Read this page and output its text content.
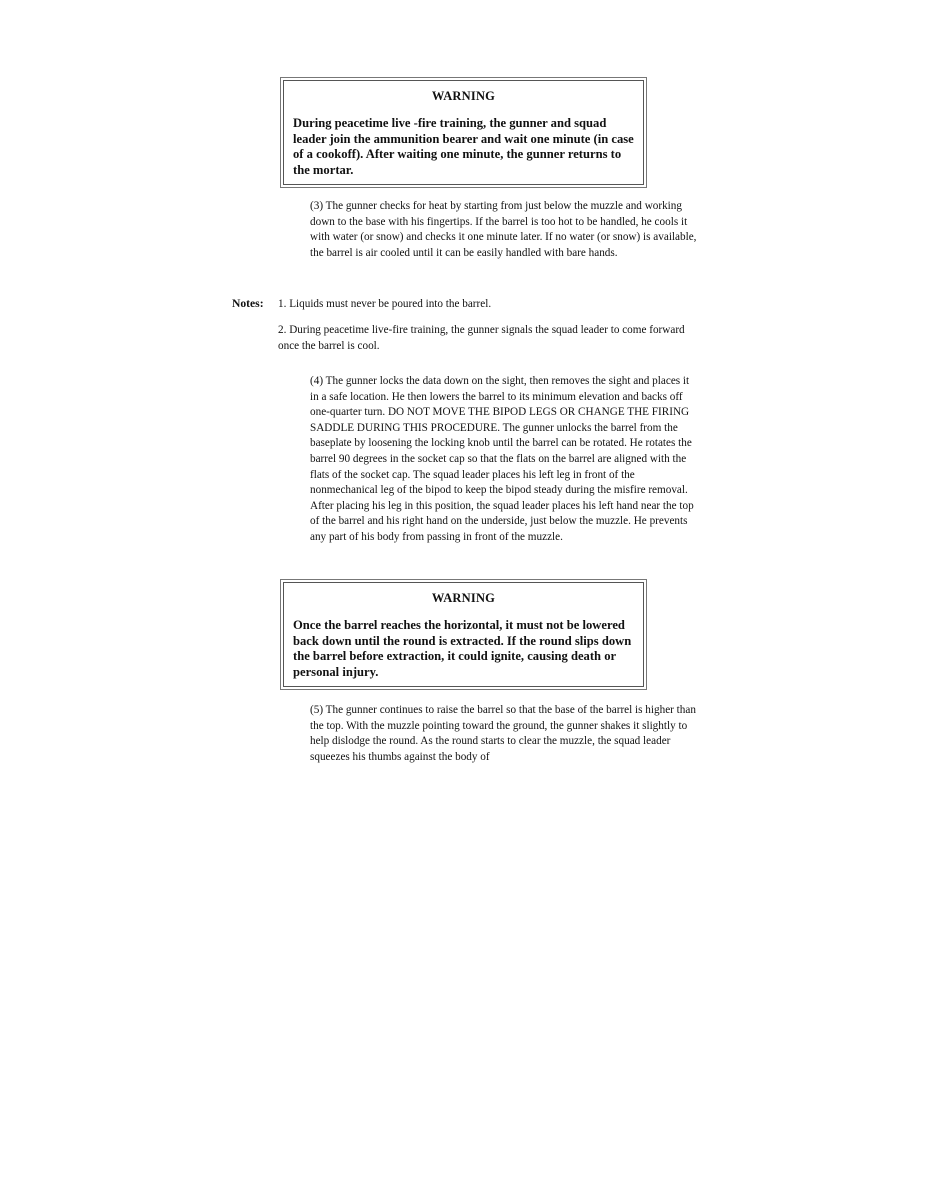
WARNING
During peacetime live -fire training, the gunner and squad leader join the ammunition bearer and wait one minute (in case of a cookoff). After waiting one minute, the gunner returns to the mortar.
(3) The gunner checks for heat by starting from just below the muzzle and working down to the base with his fingertips. If the barrel is too hot to be handled, he cools it with water (or snow) and checks it one minute later. If no water (or snow) is available, the barrel is air cooled until it can be easily handled with bare hands.
Notes: 1. Liquids must never be poured into the barrel.
2. During peacetime live-fire training, the gunner signals the squad leader to come forward once the barrel is cool.
(4) The gunner locks the data down on the sight, then removes the sight and places it in a safe location. He then lowers the barrel to its minimum elevation and backs off one-quarter turn. DO NOT MOVE THE BIPOD LEGS OR CHANGE THE FIRING SADDLE DURING THIS PROCEDURE. The gunner unlocks the barrel from the baseplate by loosening the locking knob until the barrel can be rotated. He rotates the barrel 90 degrees in the socket cap so that the flats on the barrel are aligned with the flats of the socket cap. The squad leader places his left leg in front of the nonmechanical leg of the bipod to keep the bipod steady during the misfire removal. After placing his leg in this position, the squad leader places his left hand near the top of the barrel and his right hand on the underside, just below the muzzle. He prevents any part of his body from passing in front of the muzzle.
WARNING
Once the barrel reaches the horizontal, it must not be lowered back down until the round is extracted. If the round slips down the barrel before extraction, it could ignite, causing death or personal injury.
(5) The gunner continues to raise the barrel so that the base of the barrel is higher than the top. With the muzzle pointing toward the ground, the gunner shakes it slightly to help dislodge the round. As the round starts to clear the muzzle, the squad leader squeezes his thumbs against the body of
